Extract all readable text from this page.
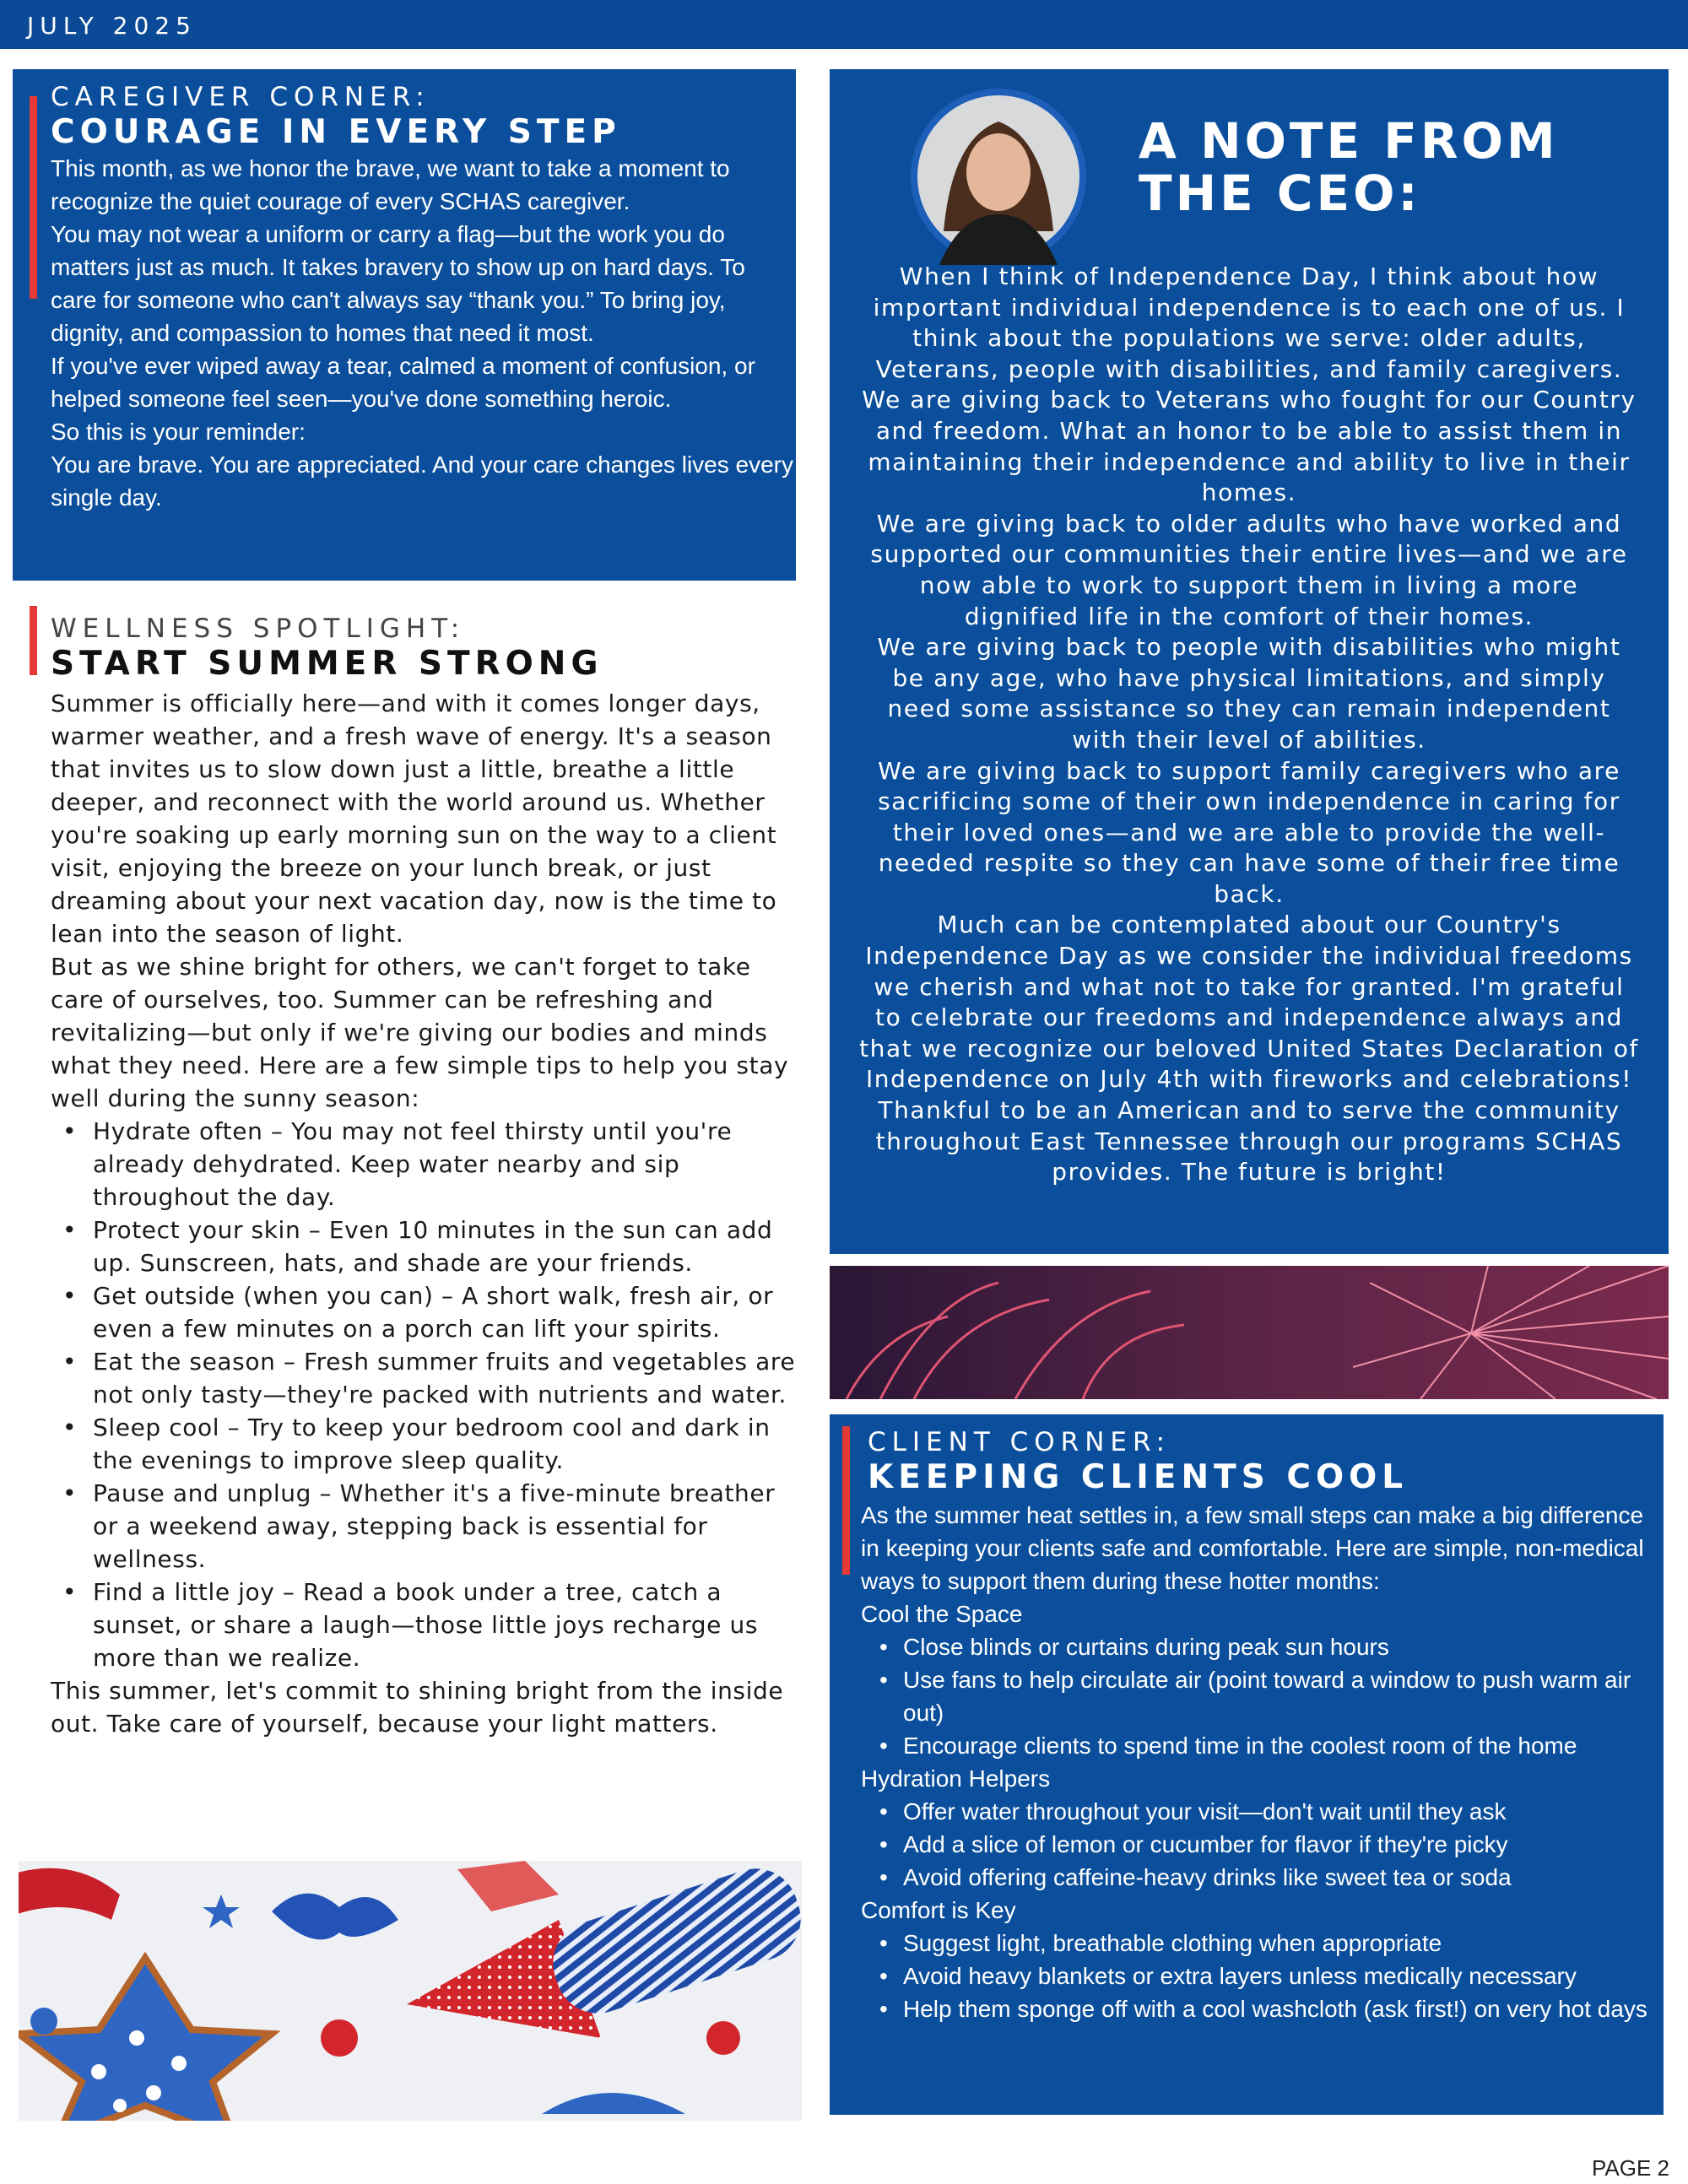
JULY 2025
CAREGIVER CORNER:
COURAGE IN EVERY STEP

This month, as we honor the brave, we want to take a moment to recognize the quiet courage of every SCHAS caregiver.

You may not wear a uniform or carry a flag—but the work you do matters just as much. It takes bravery to show up on hard days. To care for someone who can't always say “thank you.” To bring joy, dignity, and compassion to homes that need it most.

If you've ever wiped away a tear, calmed a moment of confusion, or helped someone feel seen—you've done something heroic.

So this is your reminder:

You are brave. You are appreciated. And your care changes lives every single day.

WELLNESS SPOTLIGHT:
START SUMMER STRONG

Summer is officially here—and with it comes longer days, warmer weather, and a fresh wave of energy. It's a season that invites us to slow down just a little, breathe a little deeper, and reconnect with the world around us. Whether you're soaking up early morning sun on the way to a client visit, enjoying the breeze on your lunch break, or just dreaming about your next vacation day, now is the time to lean into the season of light.

But as we shine bright for others, we can't forget to take care of ourselves, too. Summer can be refreshing and revitalizing—but only if we're giving our bodies and minds what they need. Here are a few simple tips to help you stay well during the sunny season:

• Hydrate often – You may not feel thirsty until you're already dehydrated. Keep water nearby and sip throughout the day.
• Protect your skin – Even 10 minutes in the sun can add up. Sunscreen, hats, and shade are your friends.
• Get outside (when you can) – A short walk, fresh air, or even a few minutes on a porch can lift your spirits.
• Eat the season – Fresh summer fruits and vegetables are not only tasty—they're packed with nutrients and water.
• Sleep cool – Try to keep your bedroom cool and dark in the evenings to improve sleep quality.
• Pause and unplug – Whether it's a five-minute breather or a weekend away, stepping back is essential for wellness.
• Find a little joy – Read a book under a tree, catch a sunset, or share a laugh—those little joys recharge us more than we realize.

This summer, let's commit to shining bright from the inside out. Take care of yourself, because your light matters.

A NOTE FROM
THE CEO:

When I think of Independence Day, I think about how important individual independence is to each one of us. I think about the populations we serve: older adults, Veterans, people with disabilities, and family caregivers. We are giving back to Veterans who fought for our Country and freedom. What an honor to be able to assist them in maintaining their independence and ability to live in their homes.

We are giving back to older adults who have worked and supported our communities their entire lives—and we are now able to work to support them in living a more dignified life in the comfort of their homes.

We are giving back to people with disabilities who might be any age, who have physical limitations, and simply need some assistance so they can remain independent with their level of abilities.

We are giving back to support family caregivers who are sacrificing some of their own independence in caring for their loved ones—and we are able to provide the well-needed respite so they can have some of their free time back.

Much can be contemplated about our Country's Independence Day as we consider the individual freedoms we cherish and what not to take for granted. I'm grateful to celebrate our freedoms and independence always and that we recognize our beloved United States Declaration of Independence on July 4th with fireworks and celebrations!

Thankful to be an American and to serve the community throughout East Tennessee through our programs SCHAS provides. The future is bright!

CLIENT CORNER:
KEEPING CLIENTS COOL

As the summer heat settles in, a few small steps can make a big difference in keeping your clients safe and comfortable. Here are simple, non-medical ways to support them during these hotter months:

Cool the Space

• Close blinds or curtains during peak sun hours
• Use fans to help circulate air (point toward a window to push warm air out)
• Encourage clients to spend time in the coolest room of the home

Hydration Helpers

• Offer water throughout your visit—don't wait until they ask
• Add a slice of lemon or cucumber for flavor if they're picky
• Avoid offering caffeine-heavy drinks like sweet tea or soda

Comfort is Key

• Suggest light, breathable clothing when appropriate
• Avoid heavy blankets or extra layers unless medically necessary
• Help them sponge off with a cool washcloth (ask first!) on very hot days
PAGE 2
